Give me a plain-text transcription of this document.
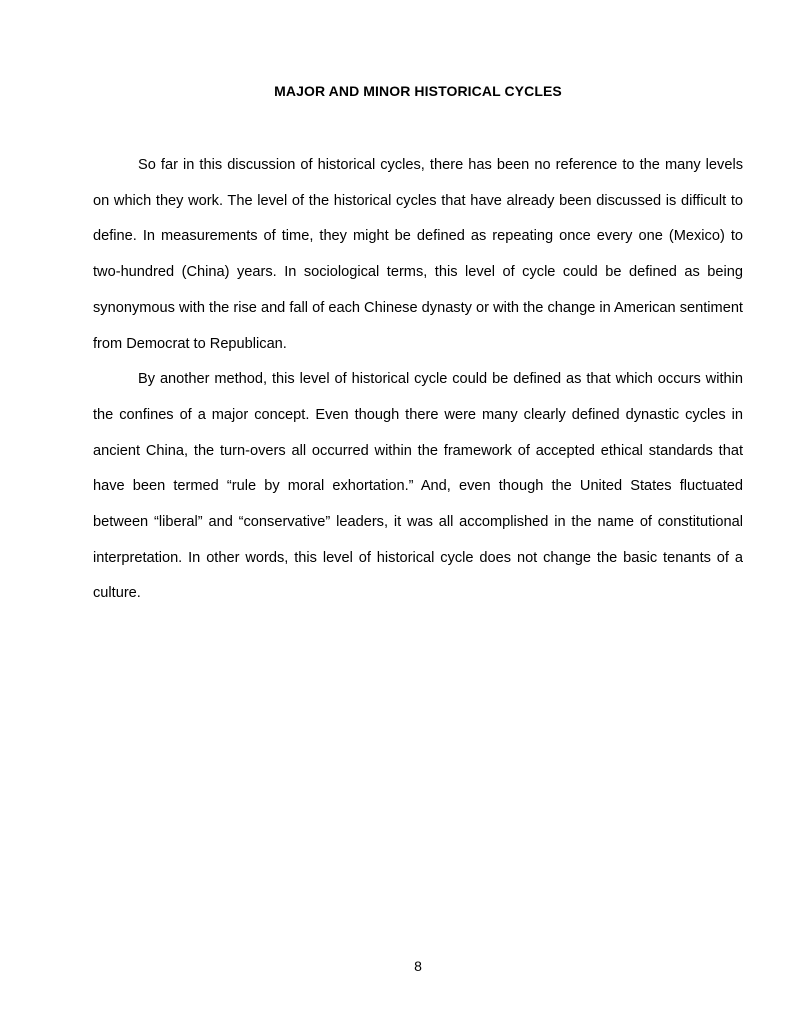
MAJOR AND MINOR HISTORICAL CYCLES

So far in this discussion of historical cycles, there has been no reference to the many levels on which they work. The level of the historical cycles that have already been discussed is difficult to define. In measurements of time, they might be defined as repeating once every one (Mexico) to two-hundred (China) years. In sociological terms, this level of cycle could be defined as being synonymous with the rise and fall of each Chinese dynasty or with the change in American sentiment from Democrat to Republican.

By another method, this level of historical cycle could be defined as that which occurs within the confines of a major concept. Even though there were many clearly defined dynastic cycles in ancient China, the turn-overs all occurred within the framework of accepted ethical standards that have been termed “rule by moral exhortation.” And, even though the United States fluctuated between “liberal” and “conservative” leaders, it was all accomplished in the name of constitutional interpretation. In other words, this level of historical cycle does not change the basic tenants of a culture.

8
